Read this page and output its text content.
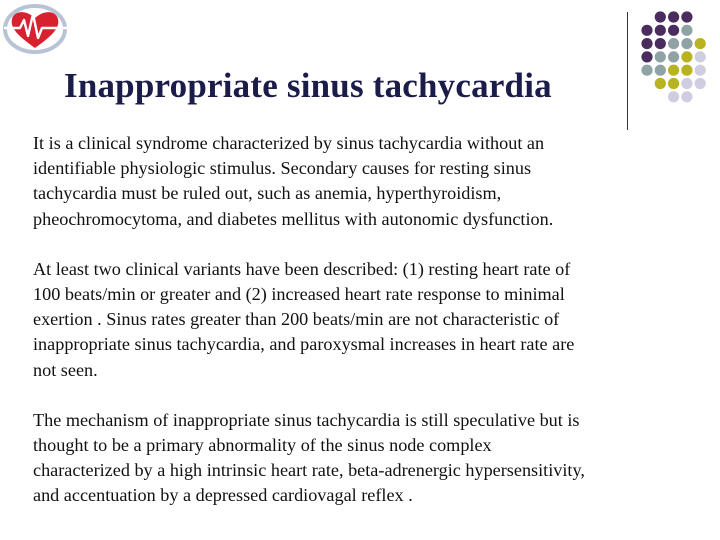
Inappropriate sinus tachycardia

It is a clinical syndrome characterized by sinus tachycardia without an
identifiable physiologic stimulus. Secondary causes for resting sinus
tachycardia must be ruled out, such as anemia, hyperthyroidism,
pheochromocytoma, and diabetes mellitus with autonomic dysfunction.

At least two clinical variants have been described: (1) resting heart rate of
100 beats/min or greater and (2) increased heart rate response to minimal
exertion . Sinus rates greater than 200 beats/min are not characteristic of
inappropriate sinus tachycardia, and paroxysmal increases in heart rate are
not seen.

The mechanism of inappropriate sinus tachycardia is still speculative but is
thought to be a primary abnormality of the sinus node complex
characterized by a high intrinsic heart rate, beta-adrenergic hypersensitivity,
and accentuation by a depressed cardiovagal reflex .
